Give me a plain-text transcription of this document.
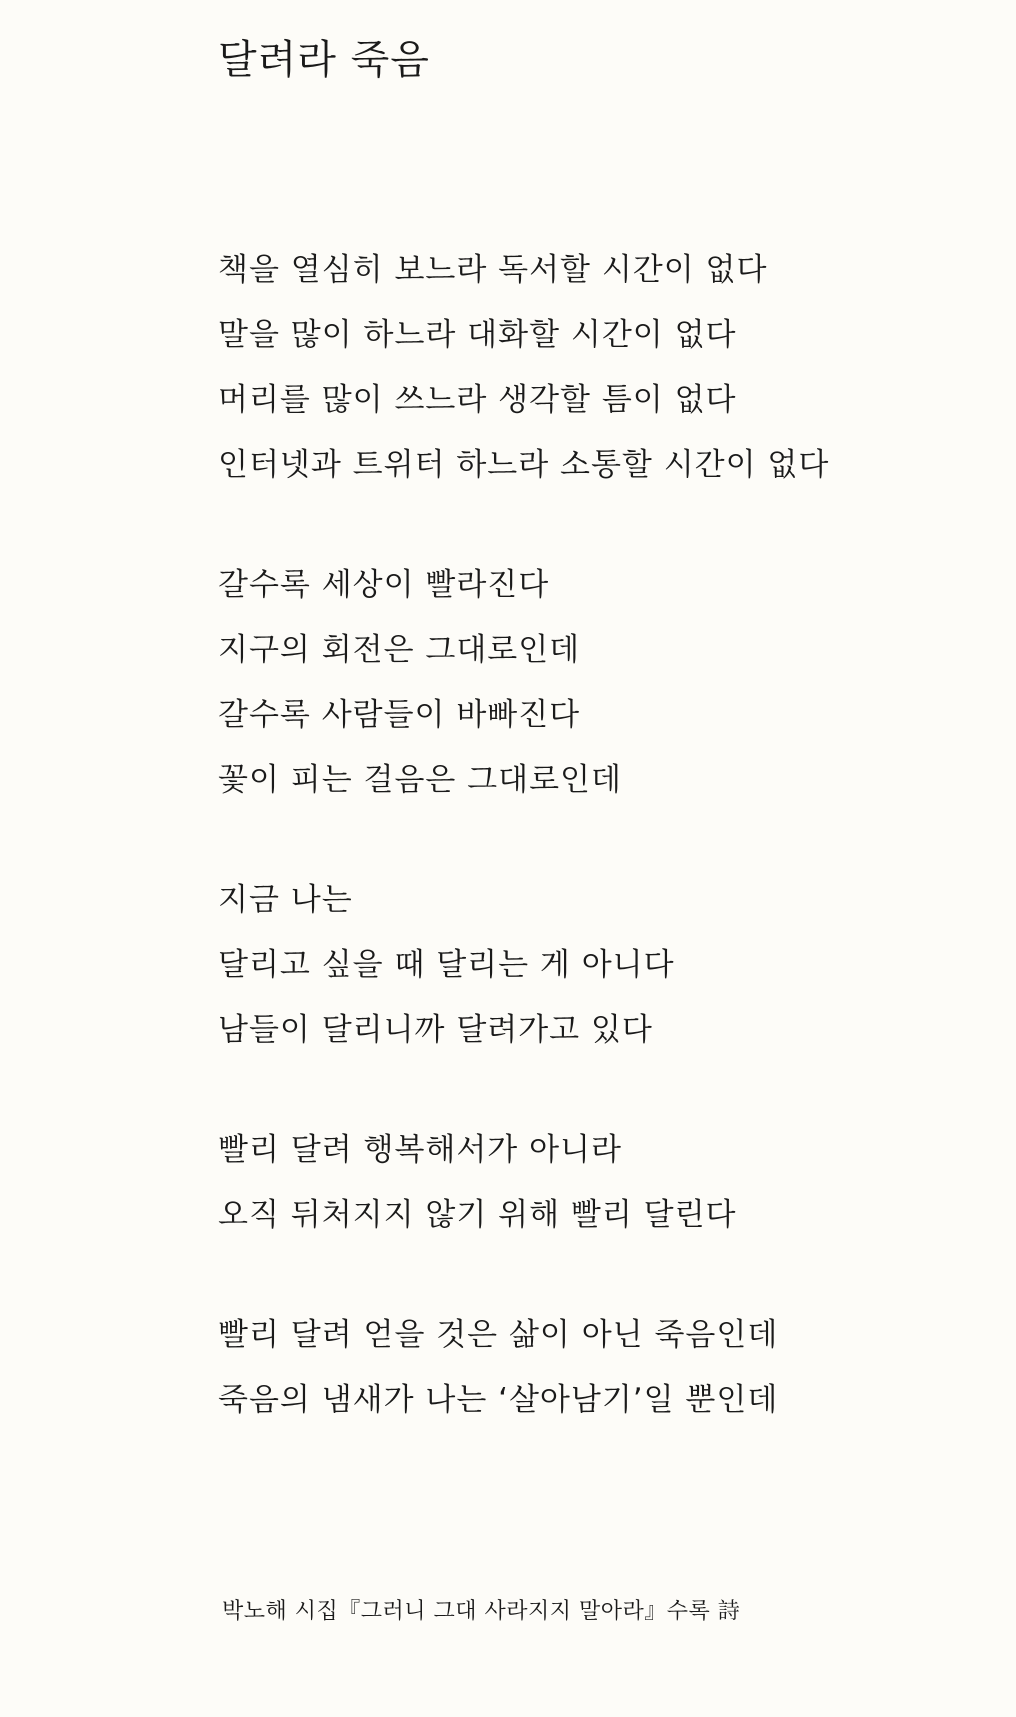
달려라 죽음
책을 열심히 보느라 독서할 시간이 없다
말을 많이 하느라 대화할 시간이 없다
머리를 많이 쓰느라 생각할 틈이 없다
인터넷과 트위터 하느라 소통할 시간이 없다
갈수록 세상이 빨라진다
지구의 회전은 그대로인데
갈수록 사람들이 바빠진다
꽃이 피는 걸음은 그대로인데
지금 나는
달리고 싶을 때 달리는 게 아니다
남들이 달리니까 달려가고 있다
빨리 달려 행복해서가 아니라
오직 뒤처지지 않기 위해 빨리 달린다
빨리 달려 얻을 것은 삶이 아닌 죽음인데
죽음의 냄새가 나는 ‘살아남기’일 뿐인데
박노해 시집『그러니 그대 사라지지 말아라』수록 詩
